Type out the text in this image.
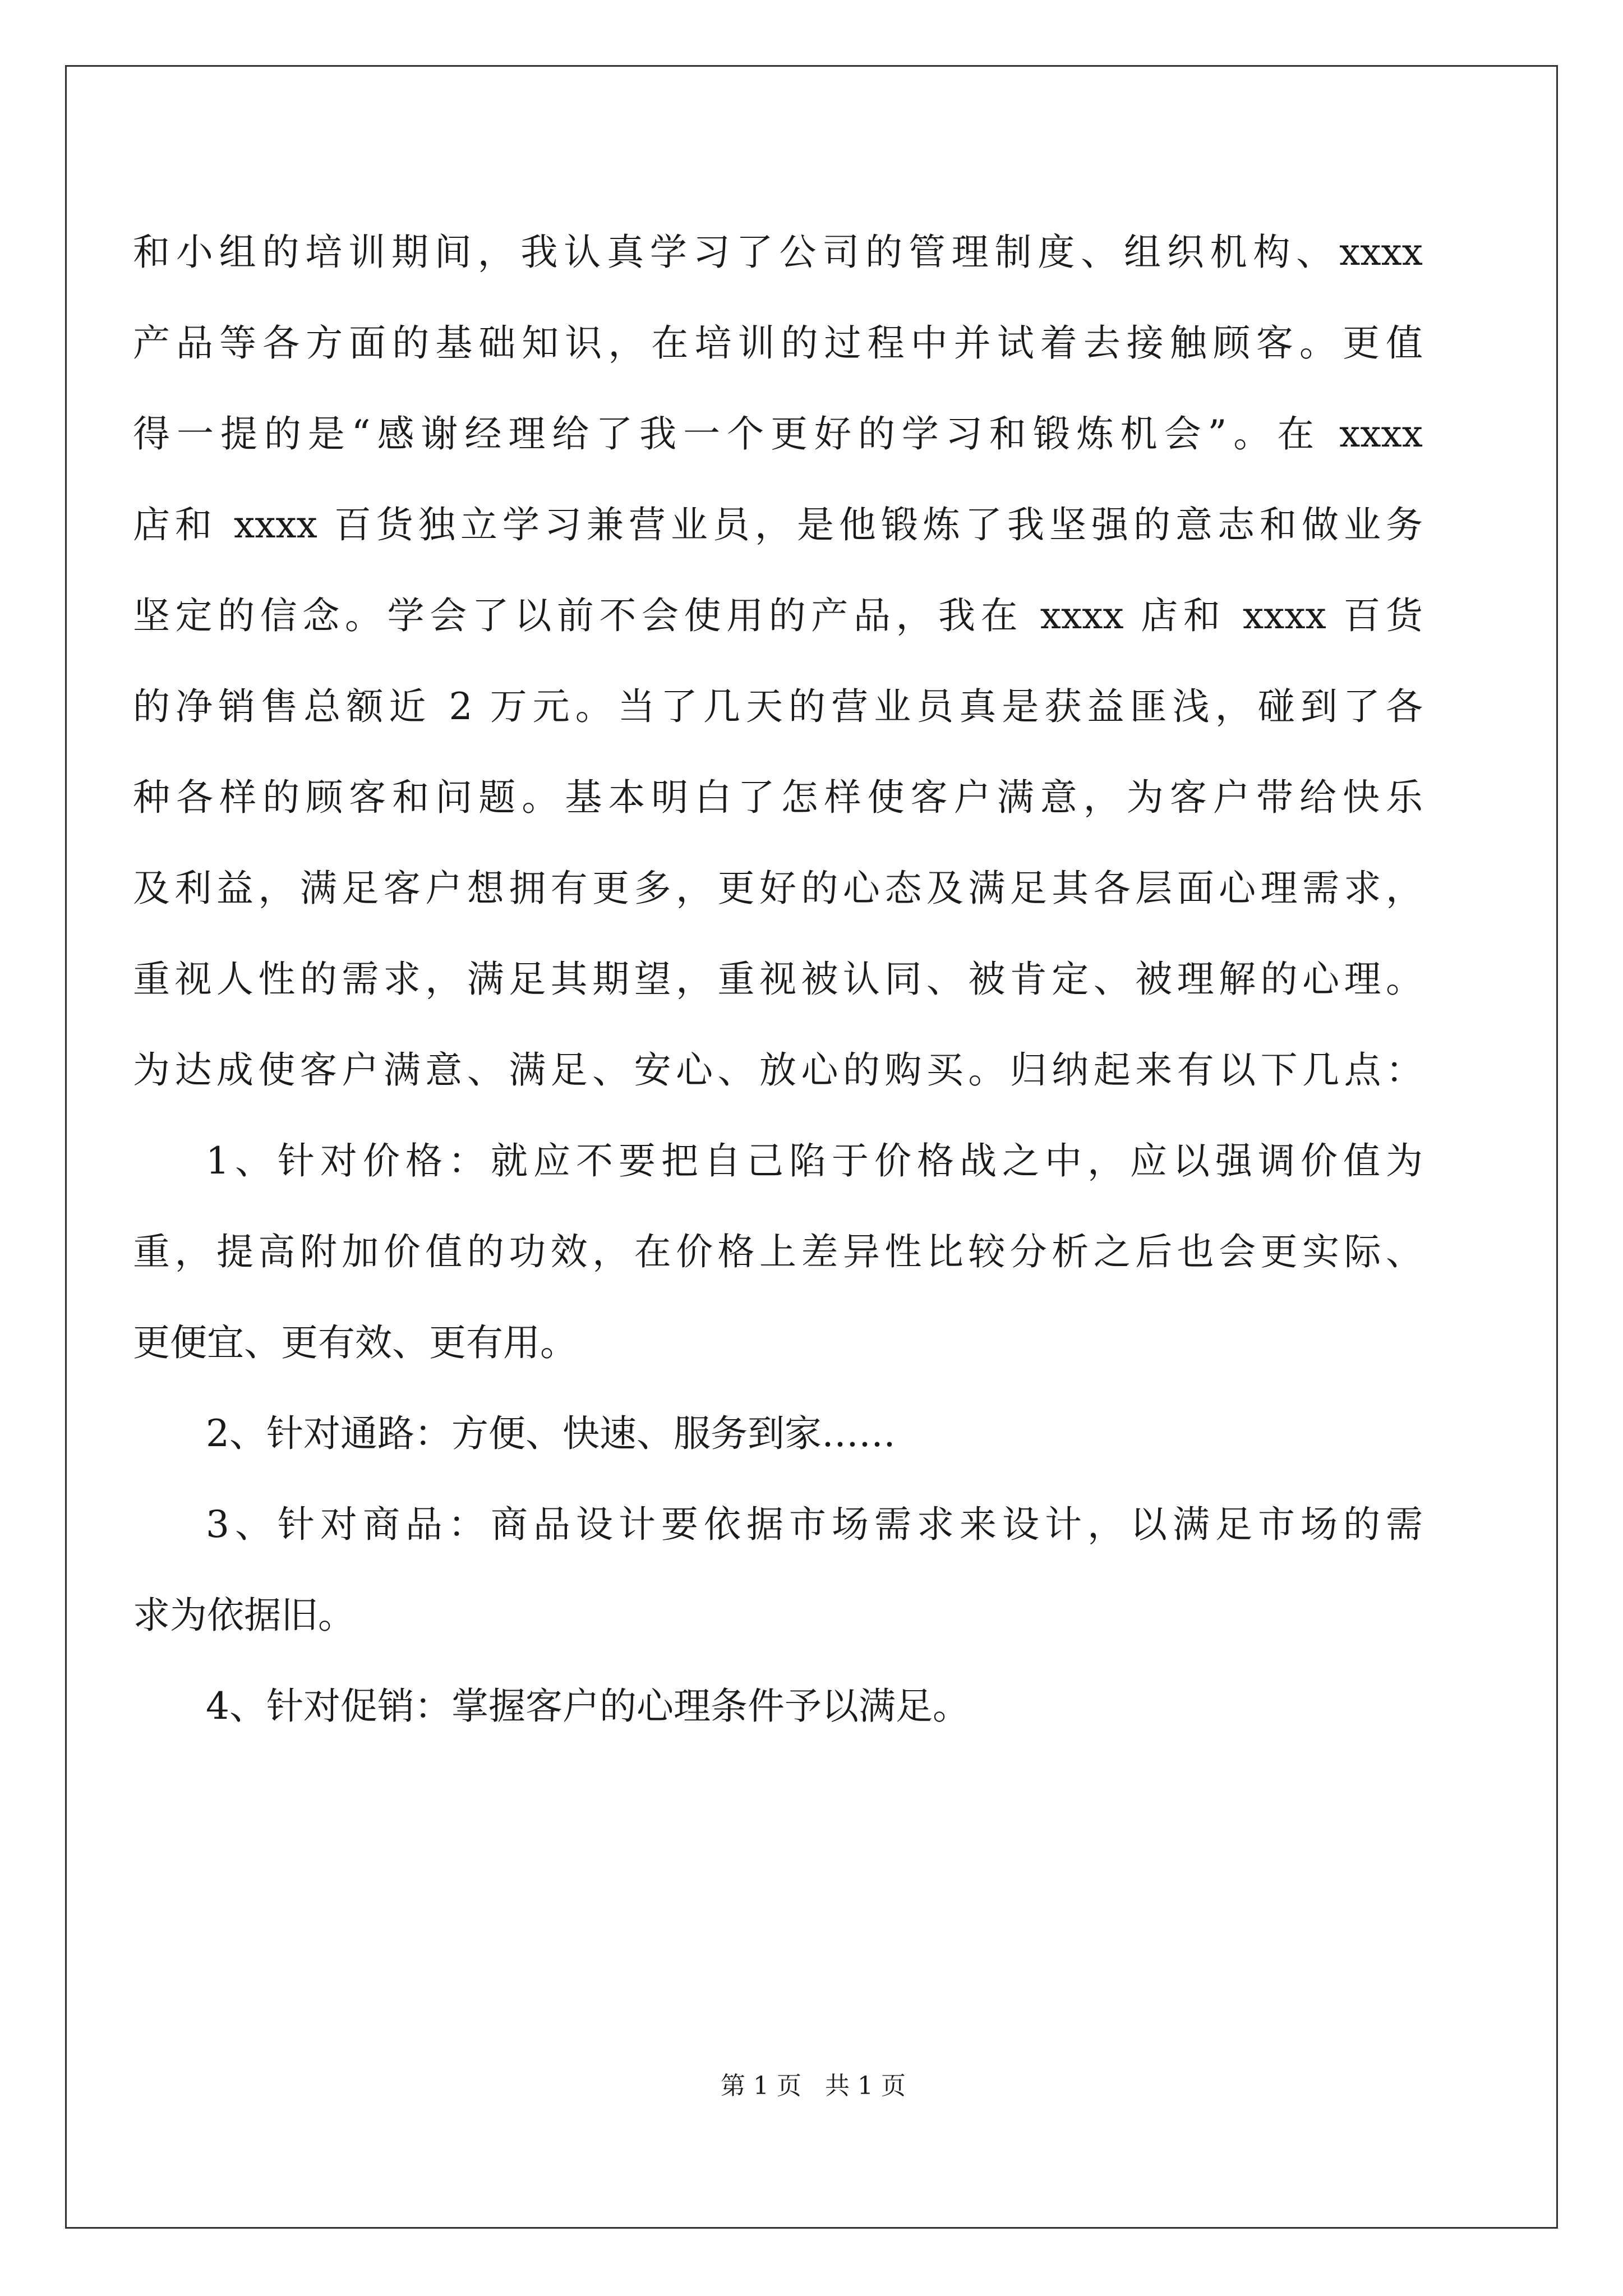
第 1 页   共 1 页
和小组的培训期间，我认真学习了公司的管理制度、组织机构、xxxx
产品等各方面的基础知识，在培训的过程中并试着去接触顾客。更值
得一提的是“感谢经理给了我一个更好的学习和锻炼机会”。在 xxxx
店和 xxxx 百货独立学习兼营业员，是他锻炼了我坚强的意志和做业务
坚定的信念。学会了以前不会使用的产品，我在 xxxx 店和 xxxx 百货
的净销售总额近 2 万元。当了几天的营业员真是获益匪浅，碰到了各
种各样的顾客和问题。基本明白了怎样使客户满意，为客户带给快乐
及利益，满足客户想拥有更多，更好的心态及满足其各层面心理需求，
重视人性的需求，满足其期望，重视被认同、被肯定、被理解的心理。
为达成使客户满意、满足、安心、放心的购买。归纳起来有以下几点：
1、针对价格：就应不要把自己陷于价格战之中，应以强调价值为
重，提高附加价值的功效，在价格上差异性比较分析之后也会更实际、
更便宜、更有效、更有用。
2、针对通路：方便、快速、服务到家……
3、针对商品：商品设计要依据市场需求来设计，以满足市场的需
求为依据旧。
4、针对促销：掌握客户的心理条件予以满足。
